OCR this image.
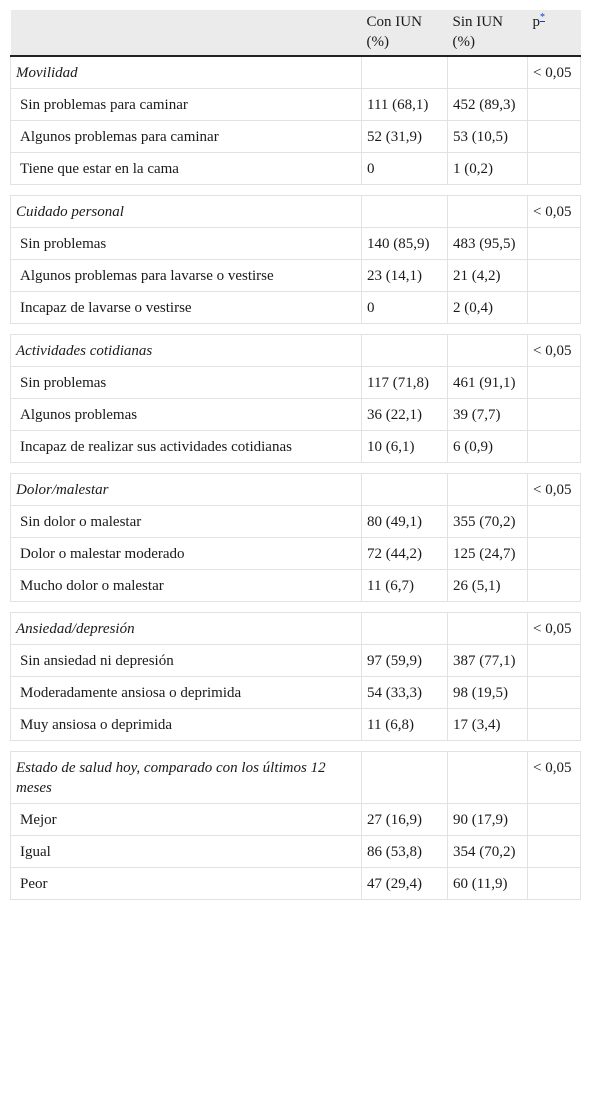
	Con IUN (%)	Sin IUN (%)	p*
Movilidad			< 0,05
Sin problemas para caminar	111 (68,1)	452 (89,3)	
Algunos problemas para caminar	52 (31,9)	53 (10,5)	
Tiene que estar en la cama	0	1 (0,2)	

Cuidado personal			< 0,05
Sin problemas	140 (85,9)	483 (95,5)	
Algunos problemas para lavarse o vestirse	23 (14,1)	21 (4,2)	
Incapaz de lavarse o vestirse	0	2 (0,4)	

Actividades cotidianas			< 0,05
Sin problemas	117 (71,8)	461 (91,1)	
Algunos problemas	36 (22,1)	39 (7,7)	
Incapaz de realizar sus actividades cotidianas	10 (6,1)	6 (0,9)	

Dolor/malestar			< 0,05
Sin dolor o malestar	80 (49,1)	355 (70,2)	
Dolor o malestar moderado	72 (44,2)	125 (24,7)	
Mucho dolor o malestar	11 (6,7)	26 (5,1)	

Ansiedad/depresión			< 0,05
Sin ansiedad ni depresión	97 (59,9)	387 (77,1)	
Moderadamente ansiosa o deprimida	54 (33,3)	98 (19,5)	
Muy ansiosa o deprimida	11 (6,8)	17 (3,4)	

Estado de salud hoy, comparado con los últimos 12 meses			< 0,05
Mejor	27 (16,9)	90 (17,9)	
Igual	86 (53,8)	354 (70,2)	
Peor	47 (29,4)	60 (11,9)	
